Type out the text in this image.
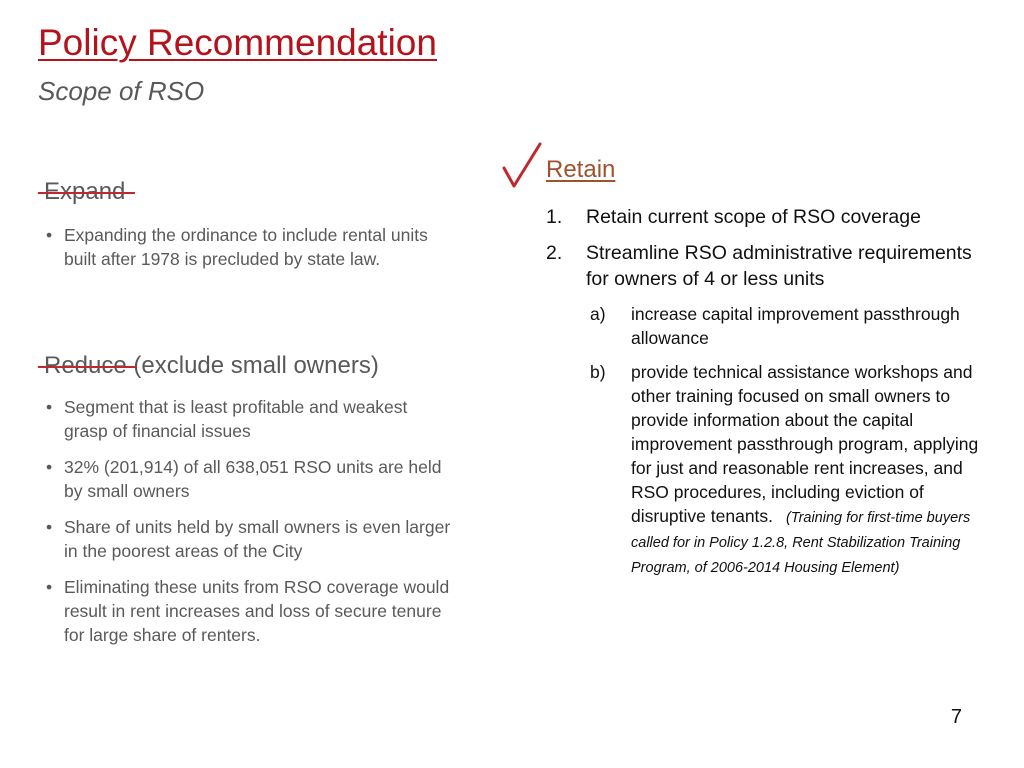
Policy Recommendation
Scope of RSO
Expand
• Expanding the ordinance to include rental units built after 1978 is precluded by state law.
Reduce
(exclude small owners)
• Segment that is least profitable and weakest grasp of financial issues
• 32% (201,914) of all 638,051 RSO units are held by small owners
• Share of units held by small owners is even larger in the poorest areas of the City
• Eliminating these units from RSO coverage would result in rent increases and loss of secure tenure for large share of renters.
Retain
1. Retain current scope of RSO coverage
2. Streamline RSO administrative requirements for owners of 4 or less units
a) increase capital improvement passthrough allowance
b) provide technical assistance workshops and other training focused on small owners to provide information about the capital improvement passthrough program, applying for just and reasonable rent increases, and RSO procedures, including eviction of disruptive tenants.   (Training for first-time buyers called for in Policy 1.2.8, Rent Stabilization Training Program, of 2006-2014 Housing Element)
7
